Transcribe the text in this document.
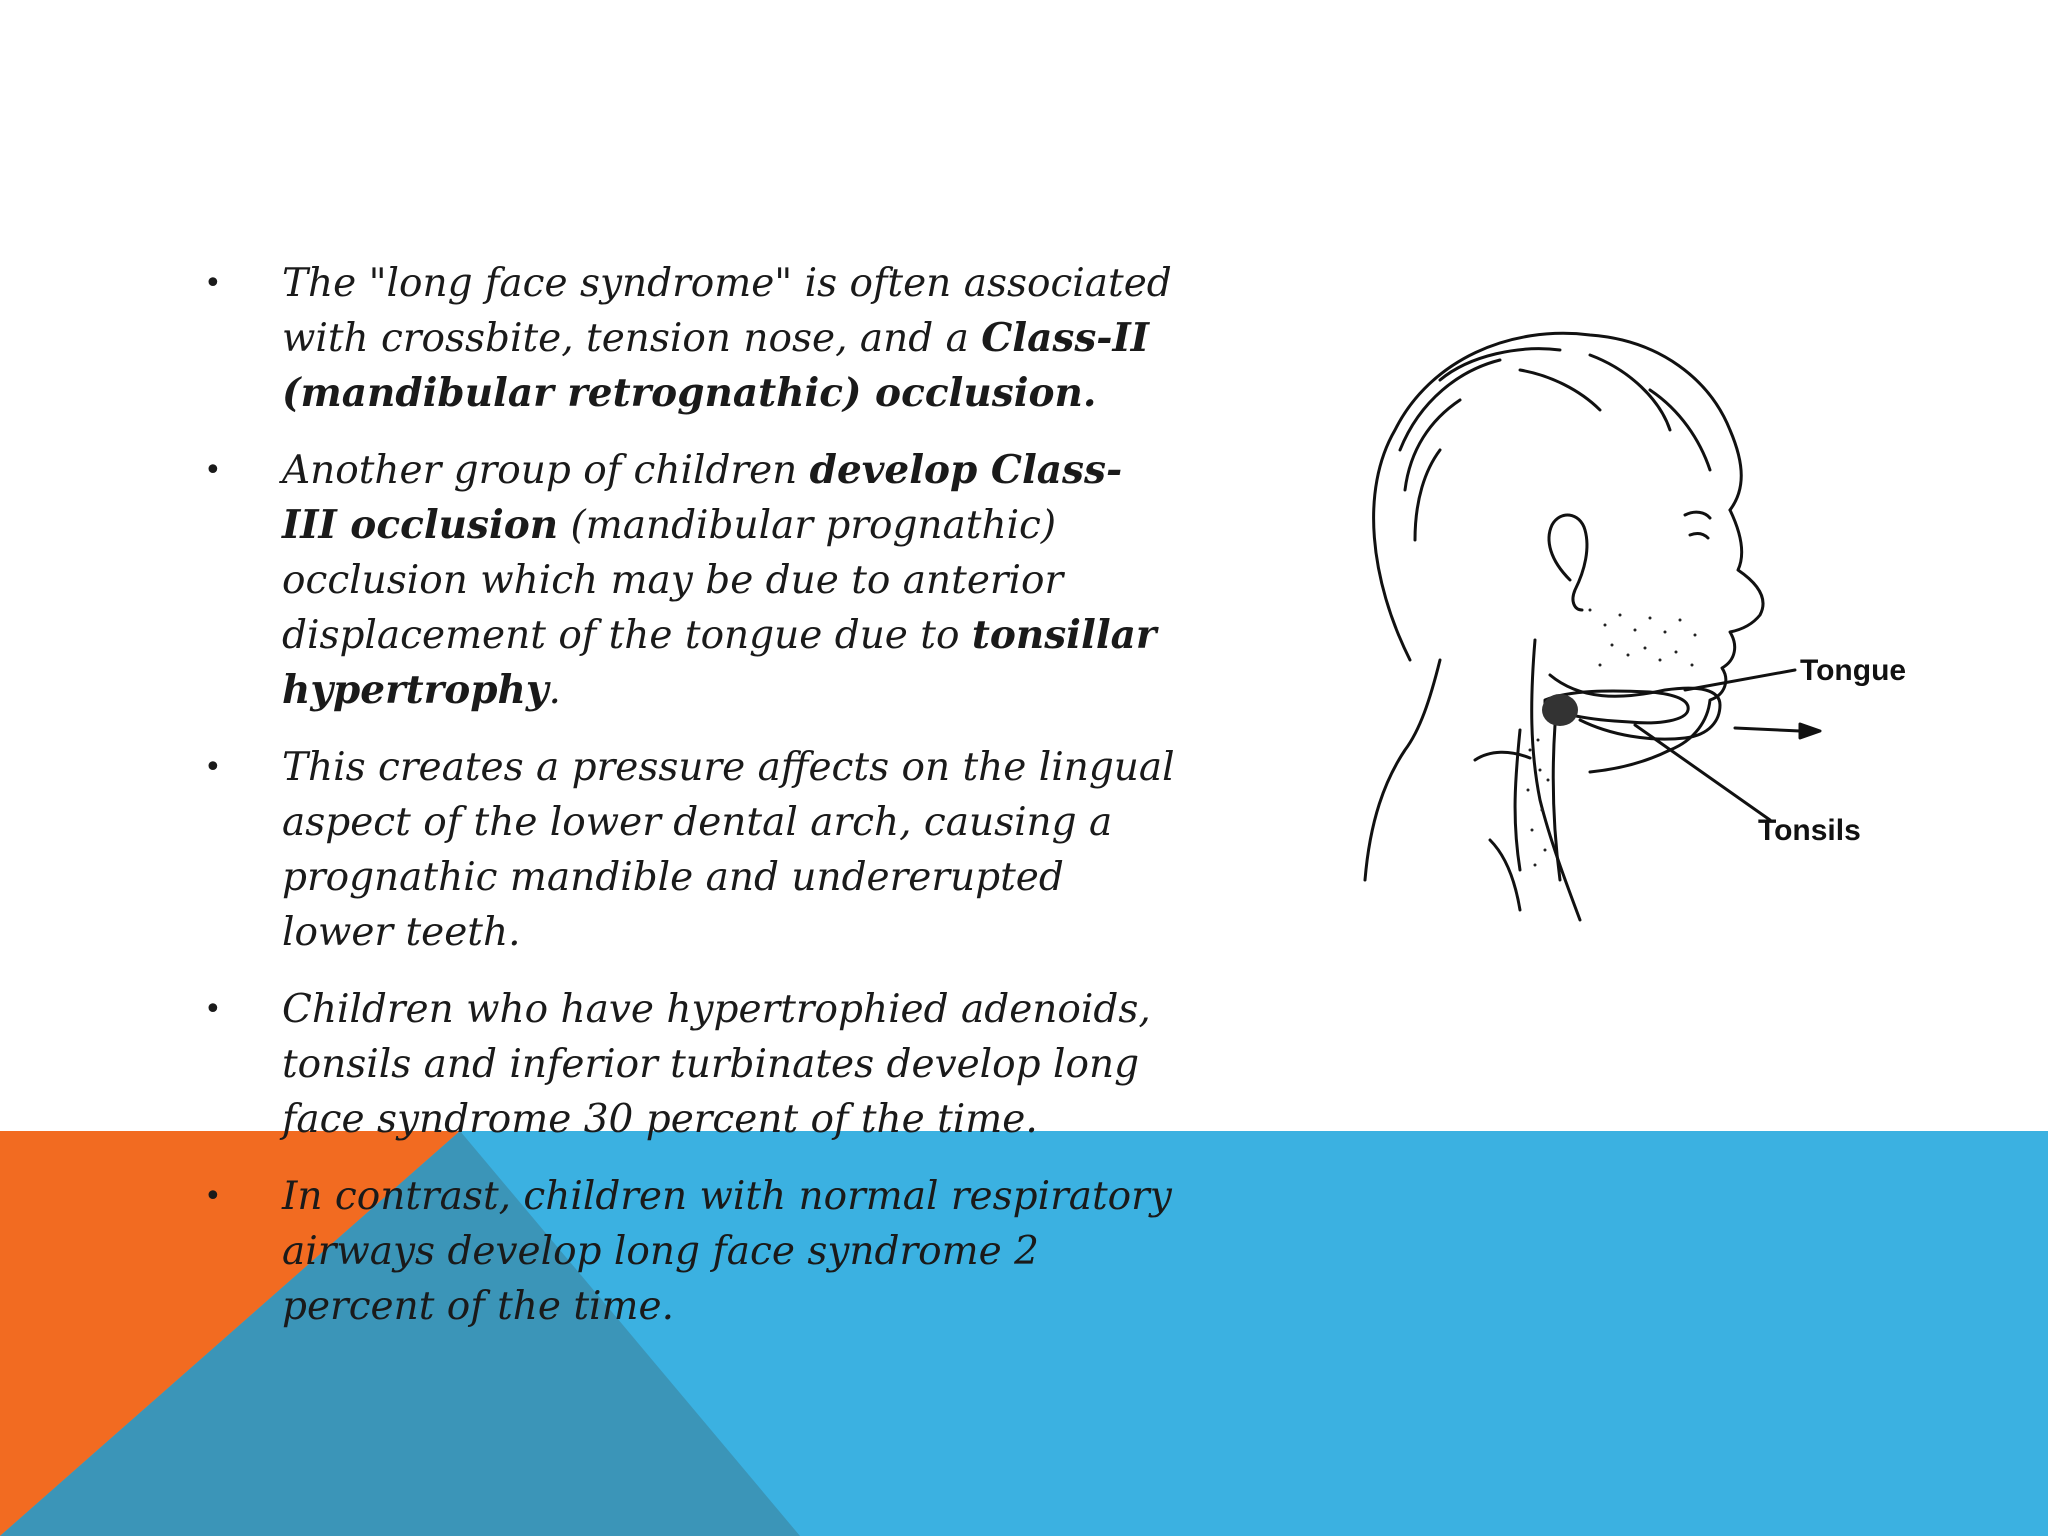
• The "long face syndrome" is often associated with crossbite, tension nose, and a Class-II (mandibular retrognathic) occlusion.
• Another group of children develop Class-III occlusion (mandibular prognathic) occlusion which may be due to anterior displacement of the tongue due to tonsillar hypertrophy.
• This creates a pressure affects on the lingual aspect of the lower dental arch, causing a prognathic mandible and undererupted lower teeth.
• Children who have hypertrophied adenoids, tonsils and inferior turbinates develop long face syndrome 30 percent of the time.
• In contrast, children with normal respiratory airways develop long face syndrome 2 percent of the time.
Tongue
Tonsils
